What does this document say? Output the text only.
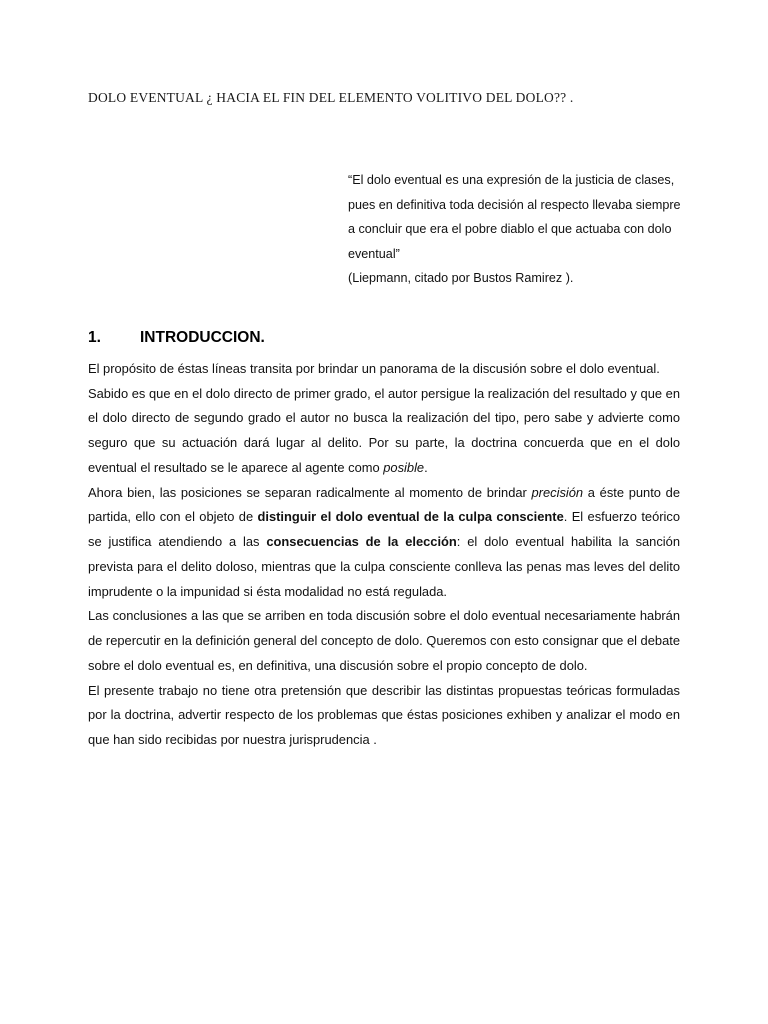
DOLO EVENTUAL ¿ HACIA EL FIN DEL ELEMENTO VOLITIVO DEL DOLO?? .

“El dolo eventual es una expresión de la justicia de clases, pues en definitiva toda decisión al respecto llevaba siempre a concluir que era el pobre diablo el que actuaba con dolo eventual”

(Liepmann, citado por Bustos Ramirez ).

1.	INTRODUCCION.

El propósito de éstas líneas transita por brindar un panorama de la discusión sobre el dolo eventual.

Sabido es que en el dolo directo de primer grado, el autor persigue la realización del resultado y que en el dolo directo de segundo grado el autor no busca la realización del tipo, pero sabe y advierte como seguro que su actuación dará lugar al delito. Por su parte, la doctrina concuerda que en el dolo eventual el resultado se le aparece al agente como posible.

Ahora bien, las posiciones se separan radicalmente al momento de brindar precisión a éste punto de partida, ello con el objeto de distinguir el dolo eventual de la culpa consciente. El esfuerzo teórico se justifica atendiendo a las consecuencias de la elección: el dolo eventual habilita la sanción prevista para el delito doloso, mientras que la culpa consciente conlleva las penas mas leves del delito imprudente o la impunidad si ésta modalidad no está regulada.

Las conclusiones a las que se arriben en toda discusión sobre el dolo eventual necesariamente habrán de repercutir en la definición general del concepto de dolo. Queremos con esto consignar que el debate sobre el dolo eventual es, en definitiva, una discusión sobre el propio concepto de dolo.

El presente trabajo no tiene otra pretensión que describir las distintas propuestas teóricas formuladas por la doctrina, advertir respecto de los problemas que éstas posiciones exhiben y analizar el modo en que han sido recibidas por nuestra jurisprudencia .
